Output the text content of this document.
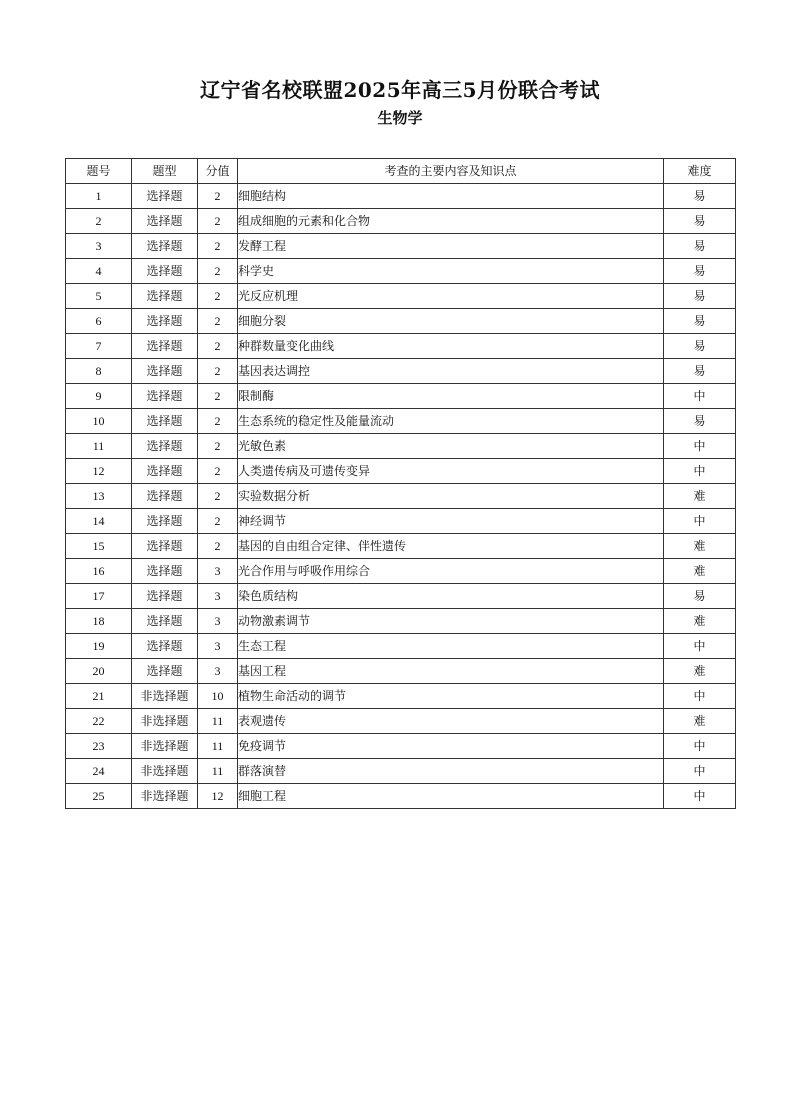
辽宁省名校联盟2025年高三5月份联合考试
生物学
题号	题型	分值	考查的主要内容及知识点	难度
1	选择题	2	细胞结构	易
2	选择题	2	组成细胞的元素和化合物	易
3	选择题	2	发酵工程	易
4	选择题	2	科学史	易
5	选择题	2	光反应机理	易
6	选择题	2	细胞分裂	易
7	选择题	2	种群数量变化曲线	易
8	选择题	2	基因表达调控	易
9	选择题	2	限制酶	中
10	选择题	2	生态系统的稳定性及能量流动	易
11	选择题	2	光敏色素	中
12	选择题	2	人类遗传病及可遗传变异	中
13	选择题	2	实验数据分析	难
14	选择题	2	神经调节	中
15	选择题	2	基因的自由组合定律、伴性遗传	难
16	选择题	3	光合作用与呼吸作用综合	难
17	选择题	3	染色质结构	易
18	选择题	3	动物激素调节	难
19	选择题	3	生态工程	中
20	选择题	3	基因工程	难
21	非选择题	10	植物生命活动的调节	中
22	非选择题	11	表观遗传	难
23	非选择题	11	免疫调节	中
24	非选择题	11	群落演替	中
25	非选择题	12	细胞工程	中
